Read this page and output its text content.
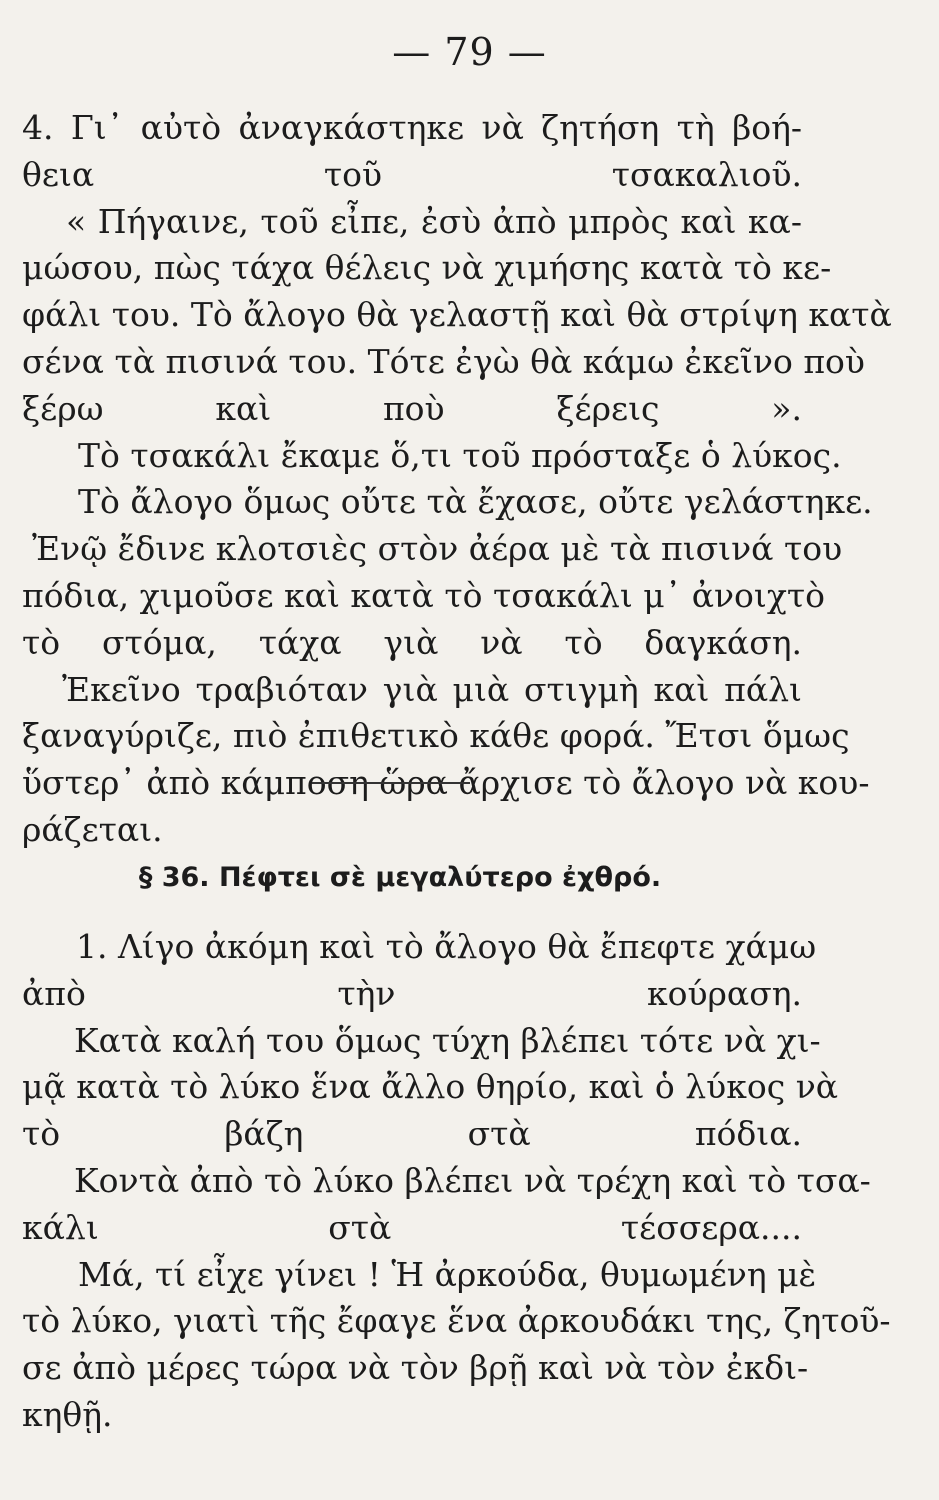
— 79 —
4. Γι᾽ αὐτὸ ἀναγκάστηκε νὰ ζητήση τὴ βοή-
θεια τοῦ τσακαλιοῦ.
« Πήγαινε, τοῦ εἶπε, ἐσὺ ἀπὸ μπρὸς καὶ κα-
μώσου, πὼς τάχα θέλεις νὰ χιμήσης κατὰ τὸ κε-
φάλι του. Τὸ ἄλογο θὰ γελαστῇ καὶ θὰ στρίψη κατὰ
σένα τὰ πισινά του. Τότε ἐγὼ θὰ κάμω ἐκεῖνο ποὺ
ξέρω καὶ ποὺ ξέρεις ».
Τὸ τσακάλι ἔκαμε ὅ,τι τοῦ πρόσταξε ὁ λύκος.
Τὸ ἄλογο ὅμως οὔτε τὰ ἔχασε, οὔτε γελάστηκε.
Ἐνῷ ἔδινε κλοτσιὲς στὸν ἀέρα μὲ τὰ πισινά του
πόδια, χιμοῦσε καὶ κατὰ τὸ τσακάλι μ᾽ ἀνοιχτὸ
τὸ στόμα, τάχα γιὰ νὰ τὸ δαγκάση.
Ἐκεῖνο τραβιόταν γιὰ μιὰ στιγμὴ καὶ πάλι
ξαναγύριζε, πιὸ ἐπιθετικὸ κάθε φορά. Ἔτσι ὅμως
ὕστερ᾽ ἀπὸ κάμποση ὥρα ἄρχισε τὸ ἄλογο νὰ κου-
ράζεται.
§ 36. Πέφτει σὲ μεγαλύτερο ἐχθρό.
1. Λίγο ἀκόμη καὶ τὸ ἄλογο θὰ ἔπεφτε χάμω
ἀπὸ τὴν κούραση.
Κατὰ καλή του ὅμως τύχη βλέπει τότε νὰ χι-
μᾷ κατὰ τὸ λύκο ἕνα ἄλλο θηρίο, καὶ ὁ λύκος νὰ
τὸ βάζη στὰ πόδια.
Κοντὰ ἀπὸ τὸ λύκο βλέπει νὰ τρέχη καὶ τὸ τσα-
κάλι στὰ τέσσερα....
Μά, τί εἶχε γίνει ! Ἡ ἀρκούδα, θυμωμένη μὲ
τὸ λύκο, γιατὶ τῆς ἔφαγε ἕνα ἀρκουδάκι της, ζητοῦ-
σε ἀπὸ μέρες τώρα νὰ τὸν βρῇ καὶ νὰ τὸν ἐκδι-
κηθῇ.
